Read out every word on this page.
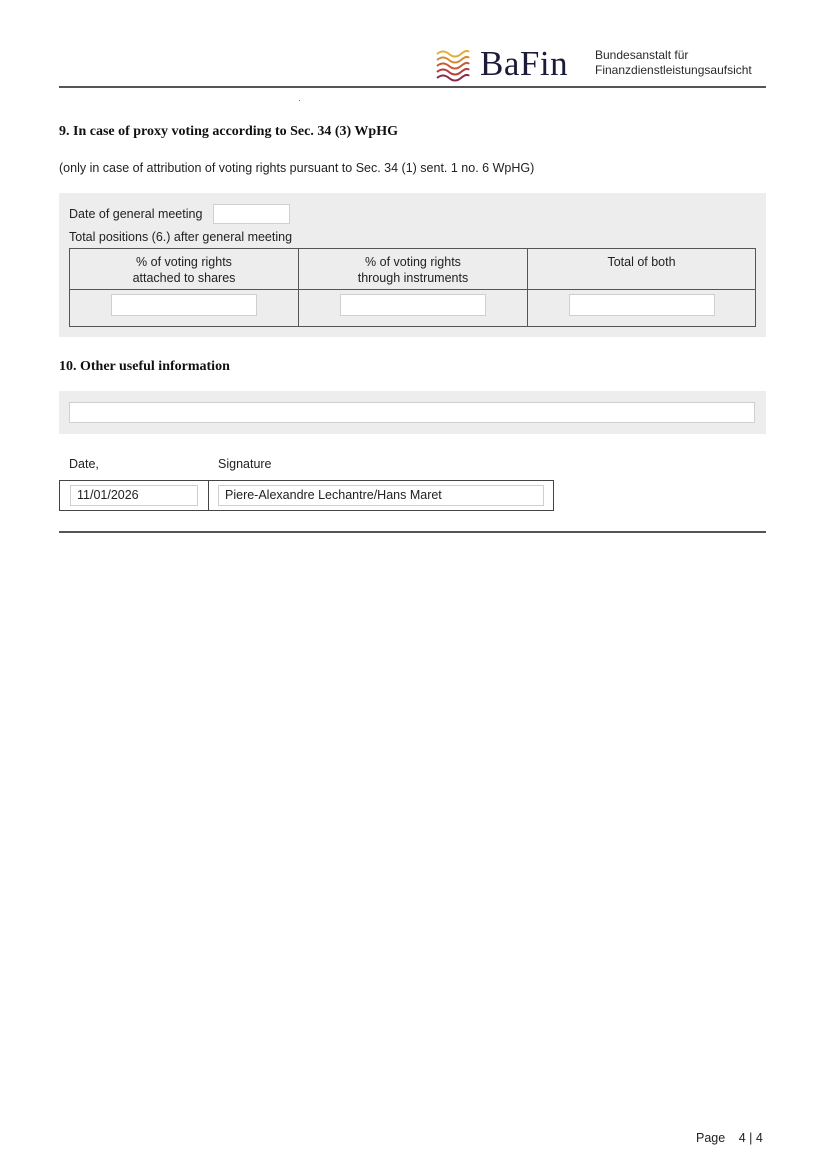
BaFin Bundesanstalt für
Finanzdienstleistungsaufsicht
9. In case of proxy voting according to Sec. 34 (3) WpHG
(only in case of attribution of voting rights pursuant to Sec. 34 (1) sent. 1 no. 6 WpHG)
Date of general meeting
Total positions (6.) after general meeting
% of voting rights
attached to shares
% of voting rights
through instruments
Total of both
10. Other useful information
Date,	Signature
11/01/2026	Piere-Alexandre Lechantre/Hans Maret
Page 4 | 4
